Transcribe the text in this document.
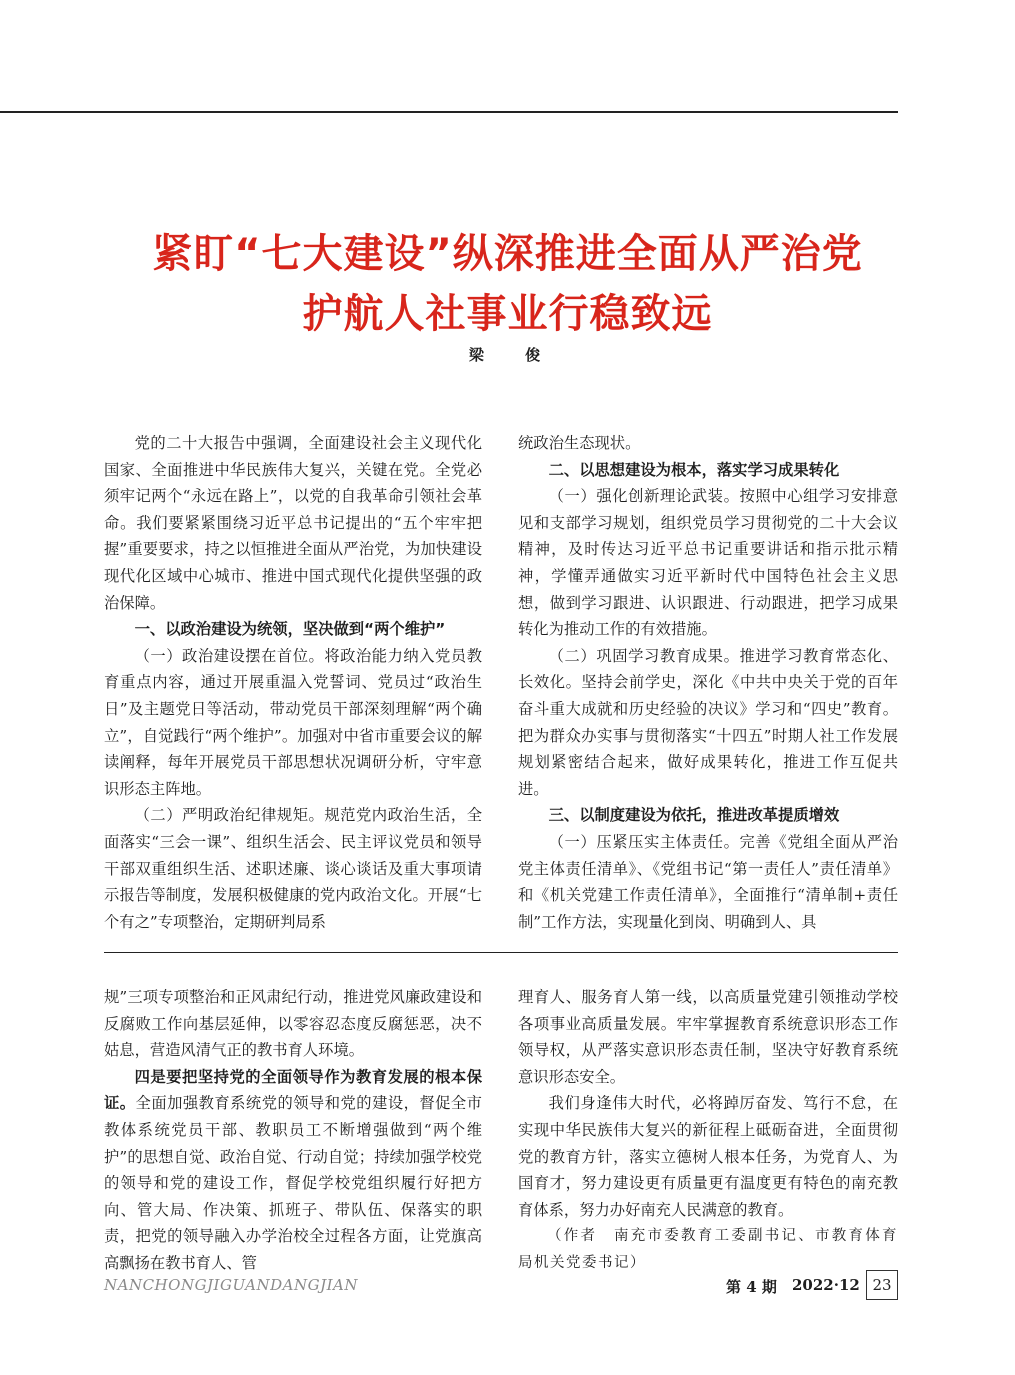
紧盯“七大建设”纵深推进全面从严治党
护航人社事业行稳致远
梁 俊

党的二十大报告中强调，全面建设社会主义现代化国家、全面推进中华民族伟大复兴，关键在党。全党必须牢记两个“永远在路上”，以党的自我革命引领社会革命。我们要紧紧围绕习近平总书记提出的“五个牢牢把握”重要要求，持之以恒推进全面从严治党，为加快建设现代化区域中心城市、推进中国式现代化提供坚强的政治保障。

一、以政治建设为统领，坚决做到“两个维护”

（一）政治建设摆在首位。将政治能力纳入党员教育重点内容，通过开展重温入党誓词、党员过“政治生日”及主题党日等活动，带动党员干部深刻理解“两个确立”，自觉践行“两个维护”。加强对中省市重要会议的解读阐释，每年开展党员干部思想状况调研分析，守牢意识形态主阵地。

（二）严明政治纪律规矩。规范党内政治生活，全面落实“三会一课”、组织生活会、民主评议党员和领导干部双重组织生活、述职述廉、谈心谈话及重大事项请示报告等制度，发展积极健康的党内政治文化。开展“七个有之”专项整治，定期研判局系

统政治生态现状。

二、以思想建设为根本，落实学习成果转化

（一）强化创新理论武装。按照中心组学习安排意见和支部学习规划，组织党员学习贯彻党的二十大会议精神，及时传达习近平总书记重要讲话和指示批示精神，学懂弄通做实习近平新时代中国特色社会主义思想，做到学习跟进、认识跟进、行动跟进，把学习成果转化为推动工作的有效措施。

（二）巩固学习教育成果。推进学习教育常态化、长效化。坚持会前学史，深化《中共中央关于党的百年奋斗重大成就和历史经验的决议》学习和“四史”教育。把为群众办实事与贯彻落实“十四五”时期人社工作发展规划紧密结合起来，做好成果转化，推进工作互促共进。

三、以制度建设为依托，推进改革提质增效

（一）压紧压实主体责任。完善《党组全面从严治党主体责任清单》、《党组书记“第一责任人”责任清单》和《机关党建工作责任清单》，全面推行“清单制+责任制”工作方法，实现量化到岗、明确到人、具

规”三项专项整治和正风肃纪行动，推进党风廉政建设和反腐败工作向基层延伸，以零容忍态度反腐惩恶，决不姑息，营造风清气正的教书育人环境。

四是要把坚持党的全面领导作为教育发展的根本保证。全面加强教育系统党的领导和党的建设，督促全市教体系统党员干部、教职员工不断增强做到“两个维护”的思想自觉、政治自觉、行动自觉；持续加强学校党的领导和党的建设工作，督促学校党组织履行好把方向、管大局、作决策、抓班子、带队伍、保落实的职责，把党的领导融入办学治校全过程各方面，让党旗高高飘扬在教书育人、管

理育人、服务育人第一线，以高质量党建引领推动学校各项事业高质量发展。牢牢掌握教育系统意识形态工作领导权，从严落实意识形态责任制，坚决守好教育系统意识形态安全。

我们身逢伟大时代，必将踔厉奋发、笃行不怠，在实现中华民族伟大复兴的新征程上砥砺奋进，全面贯彻党的教育方针，落实立德树人根本任务，为党育人、为国育才，努力建设更有质量更有温度更有特色的南充教育体系，努力办好南充人民满意的教育。

（作者　南充市委教育工委副书记、市教育体育局机关党委书记）

NANCHONGJIGUANDANGJIAN	第 4 期 2022·12 23
